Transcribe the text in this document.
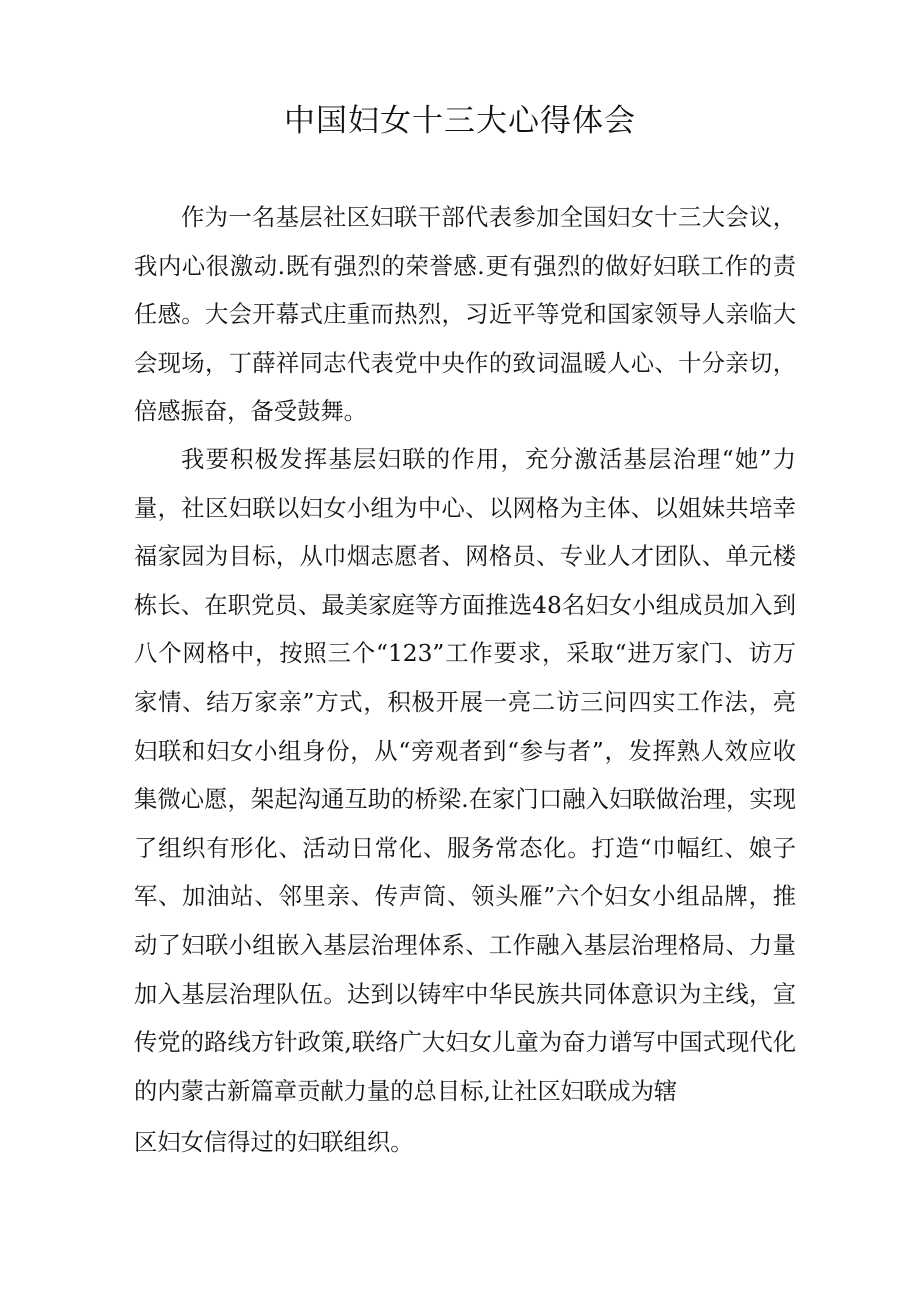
中国妇女十三大心得体会

作为一名基层社区妇联干部代表参加全国妇女十三大会议，我内心很激动.既有强烈的荣誉感.更有强烈的做好妇联工作的责任感。大会开幕式庄重而热烈，习近平等党和国家领导人亲临大会现场，丁薛祥同志代表党中央作的致词温暖人心、十分亲切，倍感振奋，备受鼓舞。

我要积极发挥基层妇联的作用，充分激活基层治理“她”力量，社区妇联以妇女小组为中心、以网格为主体、以姐妹共培幸福家园为目标，从巾烟志愿者、网格员、专业人才团队、单元楼栋长、在职党员、最美家庭等方面推选48名妇女小组成员加入到八个网格中，按照三个“123”工作要求，采取“进万家门、访万家情、结万家亲”方式，积极开展一亮二访三问四实工作法，亮妇联和妇女小组身份，从“旁观者到“参与者”，发挥熟人效应收集微心愿，架起沟通互助的桥梁.在家门口融入妇联做治理，实现了组织有形化、活动日常化、服务常态化。打造“巾幅红、娘子军、加油站、邻里亲、传声筒、领头雁”六个妇女小组品牌，推动了妇联小组嵌入基层治理体系、工作融入基层治理格局、力量加入基层治理队伍。达到以铸牢中华民族共同体意识为主线，宣传党的路线方针政策,联络广大妇女儿童为奋力谱写中国式现代化的内蒙古新篇章贡献力量的总目标,让社区妇联成为辖

区妇女信得过的妇联组织。
